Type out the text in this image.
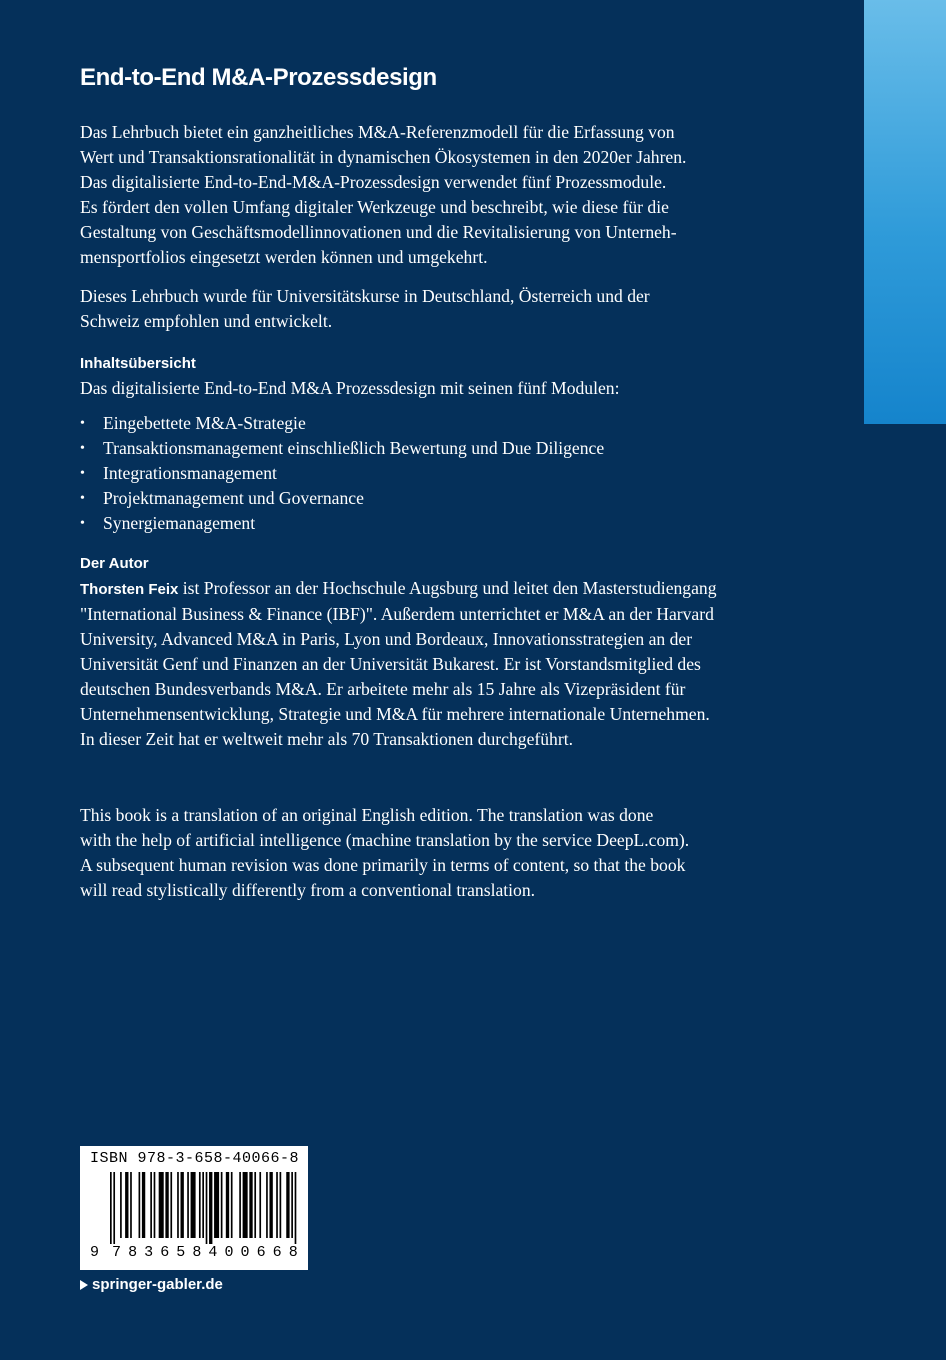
End-to-End M&A-Prozessdesign

Das Lehrbuch bietet ein ganzheitliches M&A-Referenzmodell für die Erfassung von
Wert und Transaktionsrationalität in dynamischen Ökosystemen in den 2020er Jahren.
Das digitalisierte End-to-End-M&A-Prozessdesign verwendet fünf Prozessmodule.
Es fördert den vollen Umfang digitaler Werkzeuge und beschreibt, wie diese für die
Gestaltung von Geschäftsmodellinnovationen und die Revitalisierung von Unterneh-
mensportfolios eingesetzt werden können und umgekehrt.

Dieses Lehrbuch wurde für Universitätskurse in Deutschland, Österreich und der
Schweiz empfohlen und entwickelt.

Inhaltsübersicht

Das digitalisierte End-to-End M&A Prozessdesign mit seinen fünf Modulen:

• Eingebettete M&A-Strategie
• Transaktionsmanagement einschließlich Bewertung und Due Diligence
• Integrationsmanagement
• Projektmanagement und Governance
• Synergiemanagement
Der Autor

Thorsten Feix ist Professor an der Hochschule Augsburg und leitet den Masterstudiengang
"International Business & Finance (IBF)". Außerdem unterrichtet er M&A an der Harvard
University, Advanced M&A in Paris, Lyon und Bordeaux, Innovationsstrategien an der
Universität Genf und Finanzen an der Universität Bukarest. Er ist Vorstandsmitglied des
deutschen Bundesverbands M&A. Er arbeitete mehr als 15 Jahre als Vizepräsident für
Unternehmensentwicklung, Strategie und M&A für mehrere internationale Unternehmen.
In dieser Zeit hat er weltweit mehr als 70 Transaktionen durchgeführt.

This book is a translation of an original English edition. The translation was done
with the help of artificial intelligence (machine translation by the service DeepL.com).
A subsequent human revision was done primarily in terms of content, so that the book
will read stylistically differently from a conventional translation.

ISBN 978-3-658-40066-8
9 7 8 3 6 5 8 4 0 0 6 6 8
springer-gabler.de
